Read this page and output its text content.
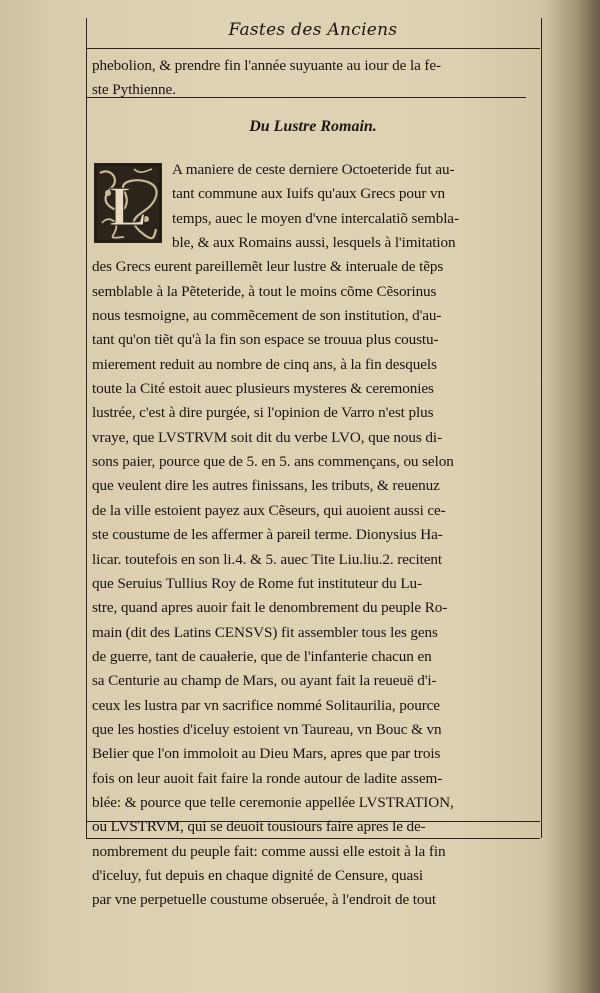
Fastes des Anciens
phebolion, & prendre fin l'année suyuante au iour de la fe-
ste Pythienne.
Du Lustre Romain.
L
A maniere de ceste derniere Octoeteride fut au-
tant commune aux Iuifs qu'aux Grecs pour vn
temps, auec le moyen d'vne intercalatiõ sembla-
ble, & aux Romains aussi, lesquels à l'imitation
des Grecs eurent pareillemẽt leur lustre & interuale de tẽps
semblable à la Pẽteteride, à tout le moins cõme Cẽsorinus
nous tesmoigne, au commẽcement de son institution, d'au-
tant qu'on tiẽt qu'à la fin son espace se trouua plus coustu-
mierement reduit au nombre de cinq ans, à la fin desquels
toute la Cité estoit auec plusieurs mysteres & ceremonies
lustrée, c'est à dire purgée, si l'opinion de Varro n'est plus
vraye, que LVSTRVM soit dit du verbe LVO, que nous di-
sons paier, pource que de 5. en 5. ans commençans, ou selon
que veulent dire les autres finissans, les tributs, & reuenuz
de la ville estoient payez aux Cẽseurs, qui auoient aussi ce-
ste coustume de les affermer à pareil terme. Dionysius Ha-
licar. toutefois en son li.4. & 5. auec Tite Liu.liu.2. recitent
que Seruius Tullius Roy de Rome fut instituteur du Lu-
stre, quand apres auoir fait le denombrement du peuple Ro-
main (dit des Latins CENSVS) fit assembler tous les gens
de guerre, tant de cauałerie, que de l'infanterie chacun en
sa Centurie au champ de Mars, ou ayant fait la reueuë d'i-
ceux les lustra par vn sacrifice nommé Solitaurilia, pource
que les hosties d'iceluy estoient vn Taureau, vn Bouc & vn
Belier que l'on immoloit au Dieu Mars, apres que par trois
fois on leur auoit fait faire la ronde autour de ladite assem-
blée: & pource que telle ceremonie appellée LVSTRATION,
ou LVSTRVM, qui se deuoit tousiours faire apres le de-
nombrement du peuple fait: comme aussi elle estoit à la fin
d'iceluy, fut depuis en chaque dignité de Censure, quasi
par vne perpetuelle coustume obseruée, à l'endroit de tout
